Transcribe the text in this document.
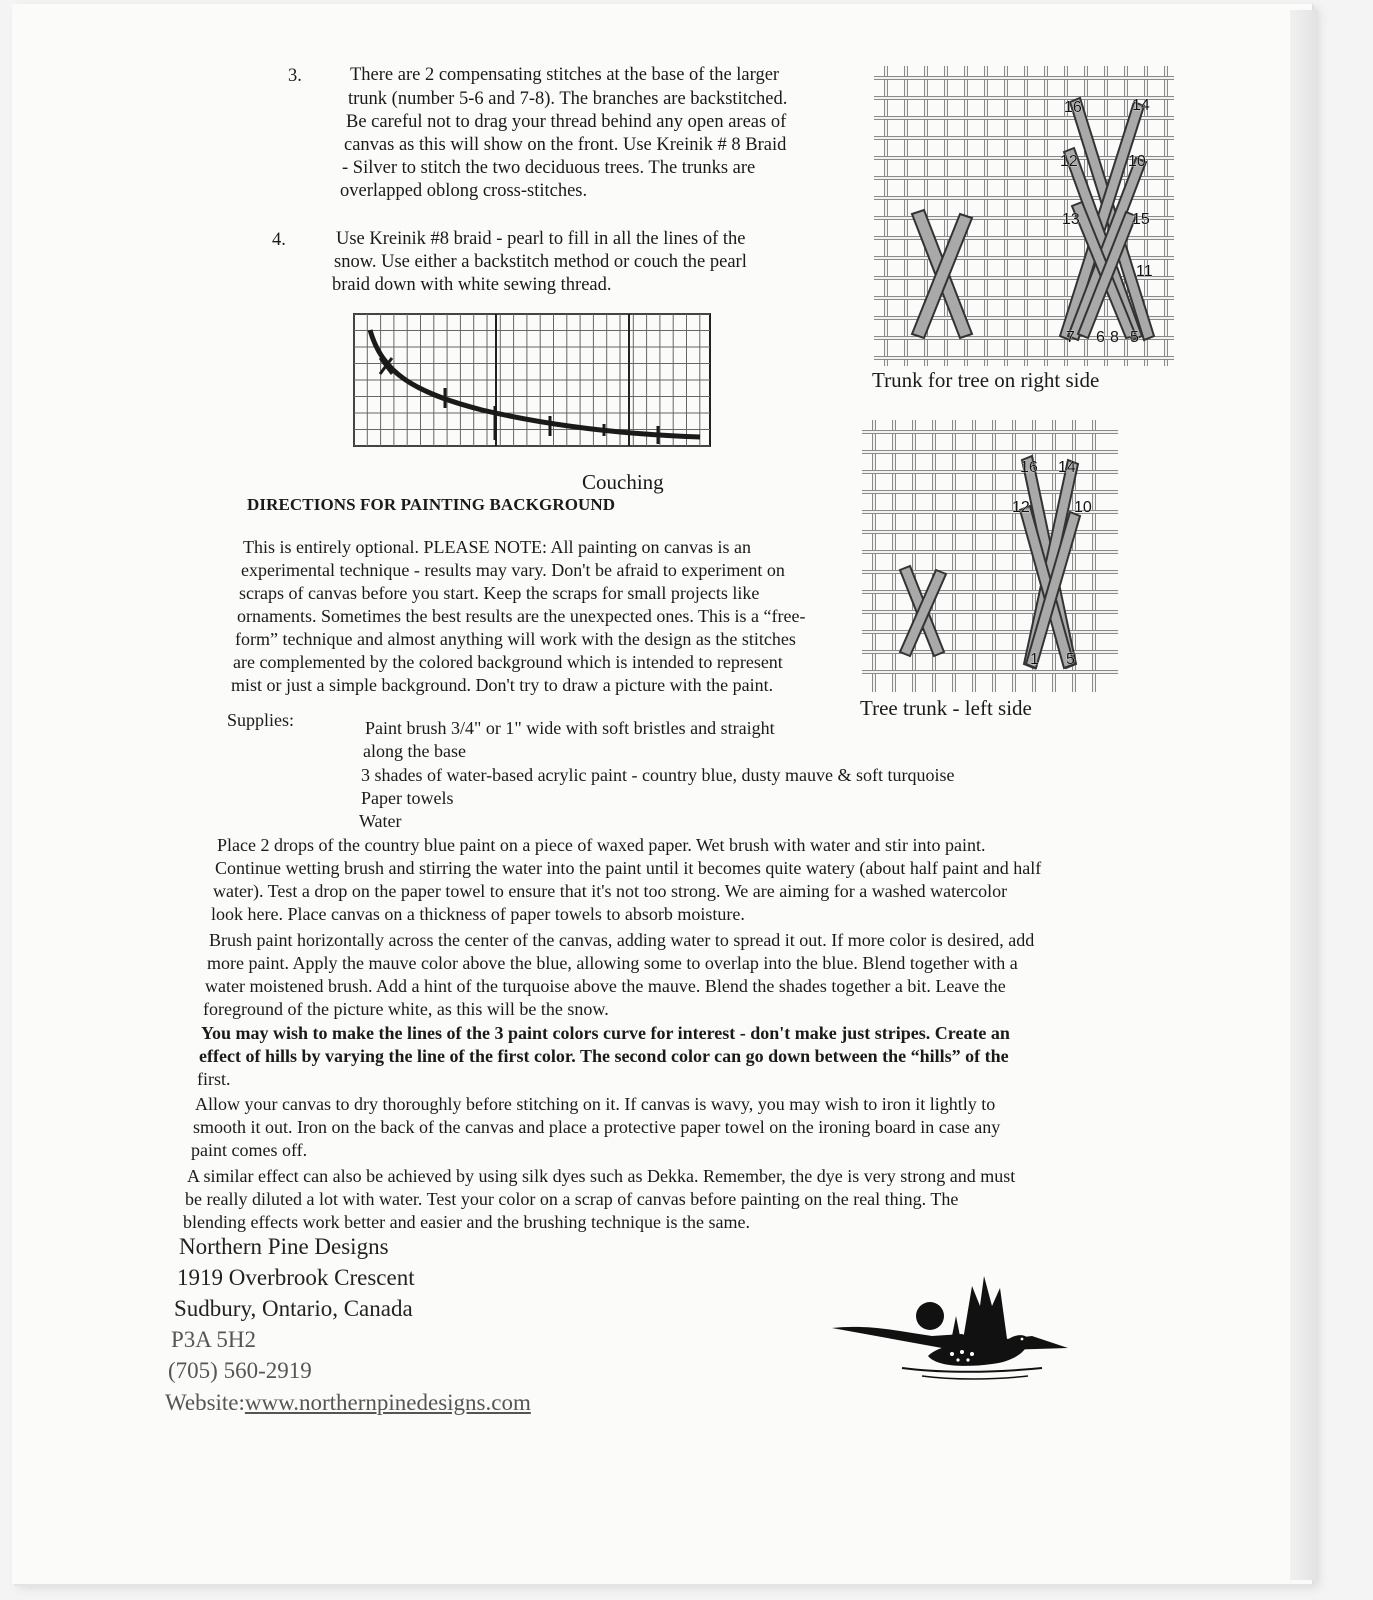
3.	There are 2 compensating stitches at the base of the larger
trunk (number 5-6 and 7-8). The branches are backstitched.
Be careful not to drag your thread behind any open areas of
canvas as this will show on the front. Use Kreinik # 8 Braid
- Silver to stitch the two deciduous trees. The trunks are
overlapped oblong cross-stitches.
4.	Use Kreinik #8 braid - pearl to fill in all the lines of the
snow. Use either a backstitch method or couch the pearl
braid down with white sewing thread.
Couching
16	14
12	10
13	15
11
7 6 8 5
Trunk for tree on right side
16 14
12	10
1 5
Tree trunk - left side
DIRECTIONS FOR PAINTING BACKGROUND
This is entirely optional. PLEASE NOTE: All painting on canvas is an
experimental technique - results may vary. Don't be afraid to experiment on
scraps of canvas before you start. Keep the scraps for small projects like
ornaments. Sometimes the best results are the unexpected ones. This is a “free-
form” technique and almost anything will work with the design as the stitches
are complemented by the colored background which is intended to represent
mist or just a simple background. Don't try to draw a picture with the paint.
Supplies:	Paint brush 3/4" or 1" wide with soft bristles and straight
along the base
3 shades of water-based acrylic paint - country blue, dusty mauve & soft turquoise
Paper towels
Water
Place 2 drops of the country blue paint on a piece of waxed paper. Wet brush with water and stir into paint.
Continue wetting brush and stirring the water into the paint until it becomes quite watery (about half paint and half
water). Test a drop on the paper towel to ensure that it's not too strong. We are aiming for a washed watercolor
look here. Place canvas on a thickness of paper towels to absorb moisture.
Brush paint horizontally across the center of the canvas, adding water to spread it out. If more color is desired, add
more paint. Apply the mauve color above the blue, allowing some to overlap into the blue. Blend together with a
water moistened brush. Add a hint of the turquoise above the mauve. Blend the shades together a bit. Leave the
foreground of the picture white, as this will be the snow.
You may wish to make the lines of the 3 paint colors curve for interest - don't make just stripes. Create an
effect of hills by varying the line of the first color. The second color can go down between the “hills” of the
first.
Allow your canvas to dry thoroughly before stitching on it. If canvas is wavy, you may wish to iron it lightly to
smooth it out. Iron on the back of the canvas and place a protective paper towel on the ironing board in case any
paint comes off.
A similar effect can also be achieved by using silk dyes such as Dekka. Remember, the dye is very strong and must
be really diluted a lot with water. Test your color on a scrap of canvas before painting on the real thing. The
blending effects work better and easier and the brushing technique is the same.
Northern Pine Designs
1919 Overbrook Crescent
Sudbury, Ontario, Canada
P3A 5H2
(705) 560-2919
Website:www.northernpinedesigns.com
